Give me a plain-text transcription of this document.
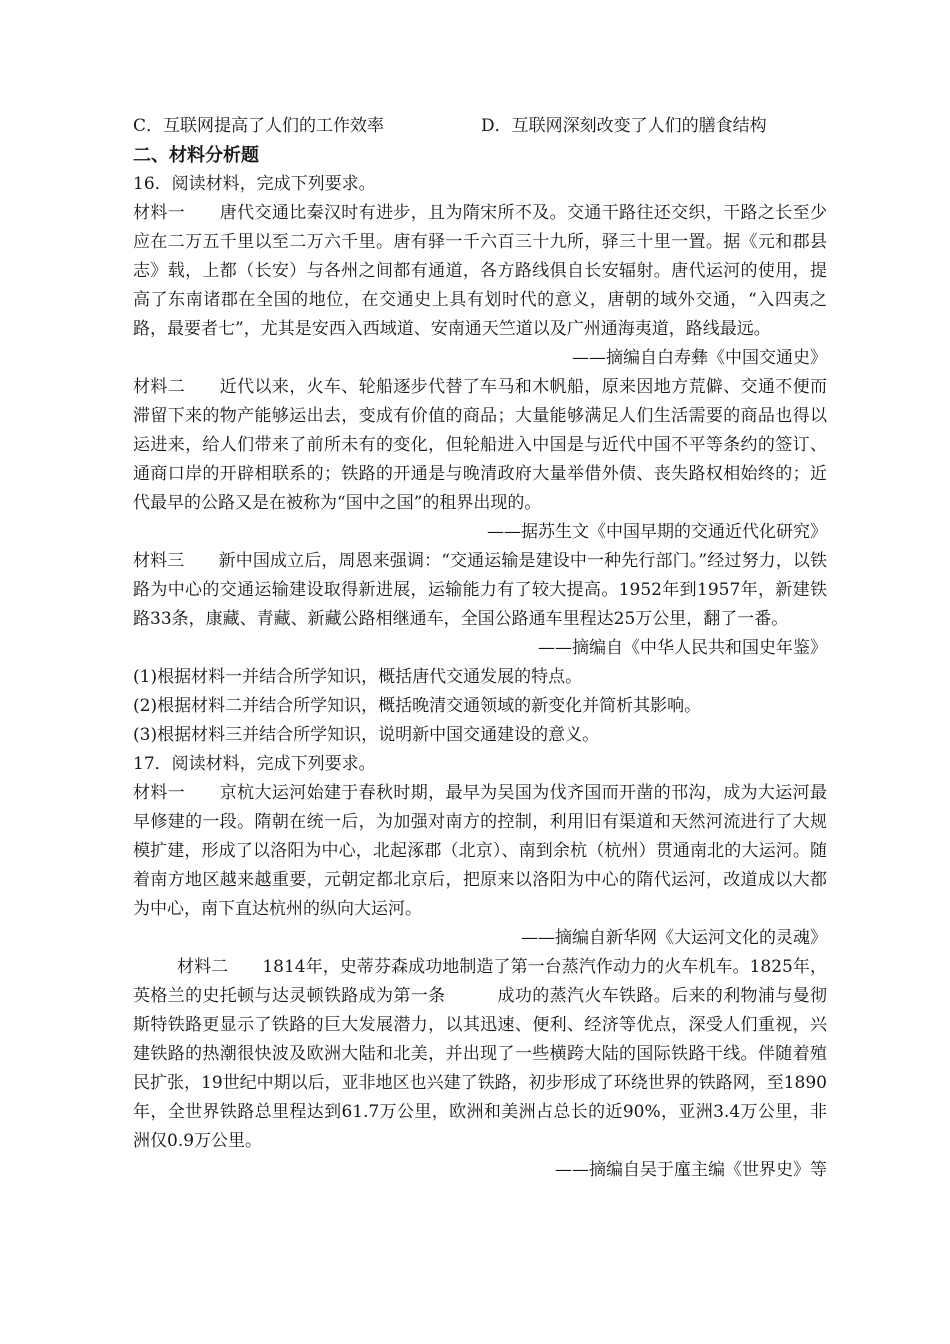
C．互联网提高了人们的工作效率	D．互联网深刻改变了人们的膳食结构
二、材料分析题

16．阅读材料，完成下列要求。

材料一　　唐代交通比秦汉时有进步，且为隋宋所不及。交通干路往还交织，干路之长至少应在二万五千里以至二万六千里。唐有驿一千六百三十九所，驿三十里一置。据《元和郡县志》载，上都（长安）与各州之间都有通道，各方路线俱自长安辐射。唐代运河的使用，提高了东南诸郡在全国的地位，在交通史上具有划时代的意义，唐朝的域外交通，“入四夷之路，最要者七”，尤其是安西入西域道、安南通天竺道以及广州通海夷道，路线最远。

——摘编自白寿彝《中国交通史》

材料二　　近代以来，火车、轮船逐步代替了车马和木帆船，原来因地方荒僻、交通不便而滞留下来的物产能够运出去，变成有价值的商品；大量能够满足人们生活需要的商品也得以运进来，给人们带来了前所未有的变化，但轮船进入中国是与近代中国不平等条约的签订、通商口岸的开辟相联系的；铁路的开通是与晚清政府大量举借外债、丧失路权相始终的；近代最早的公路又是在被称为“国中之国”的租界出现的。

——据苏生文《中国早期的交通近代化研究》

材料三　　新中国成立后，周恩来强调：“交通运输是建设中一种先行部门。”经过努力，以铁路为中心的交通运输建设取得新进展，运输能力有了较大提高。1952年到1957年，新建铁路33条，康藏、青藏、新藏公路相继通车，全国公路通车里程达25万公里，翻了一番。

——摘编自《中华人民共和国史年鉴》

(1)根据材料一并结合所学知识，概括唐代交通发展的特点。

(2)根据材料二并结合所学知识，概括晚清交通领域的新变化并简析其影响。

(3)根据材料三并结合所学知识，说明新中国交通建设的意义。

17．阅读材料，完成下列要求。

材料一　　京杭大运河始建于春秋时期，最早为吴国为伐齐国而开凿的邗沟，成为大运河最早修建的一段。隋朝在统一后，为加强对南方的控制，利用旧有渠道和天然河流进行了大规模扩建，形成了以洛阳为中心，北起涿郡（北京）、南到余杭（杭州）贯通南北的大运河。随着南方地区越来越重要，元朝定都北京后，把原来以洛阳为中心的隋代运河，改道成以大都为中心，南下直达杭州的纵向大运河。

——摘编自新华网《大运河文化的灵魂》

材料二　　1814年，史蒂芬森成功地制造了第一台蒸汽作动力的火车机车。1825年，英格兰的史托顿与达灵顿铁路成为第一条　　　成功的蒸汽火车铁路。后来的利物浦与曼彻斯特铁路更显示了铁路的巨大发展潜力，以其迅速、便利、经济等优点，深受人们重视，兴建铁路的热潮很快波及欧洲大陆和北美，并出现了一些横跨大陆的国际铁路干线。伴随着殖民扩张，19世纪中期以后，亚非地区也兴建了铁路，初步形成了环绕世界的铁路网，至1890年，全世界铁路总里程达到61.7万公里，欧洲和美洲占总长的近90%，亚洲3.4万公里，非洲仅0.9万公里。

——摘编自吴于廑主编《世界史》等
